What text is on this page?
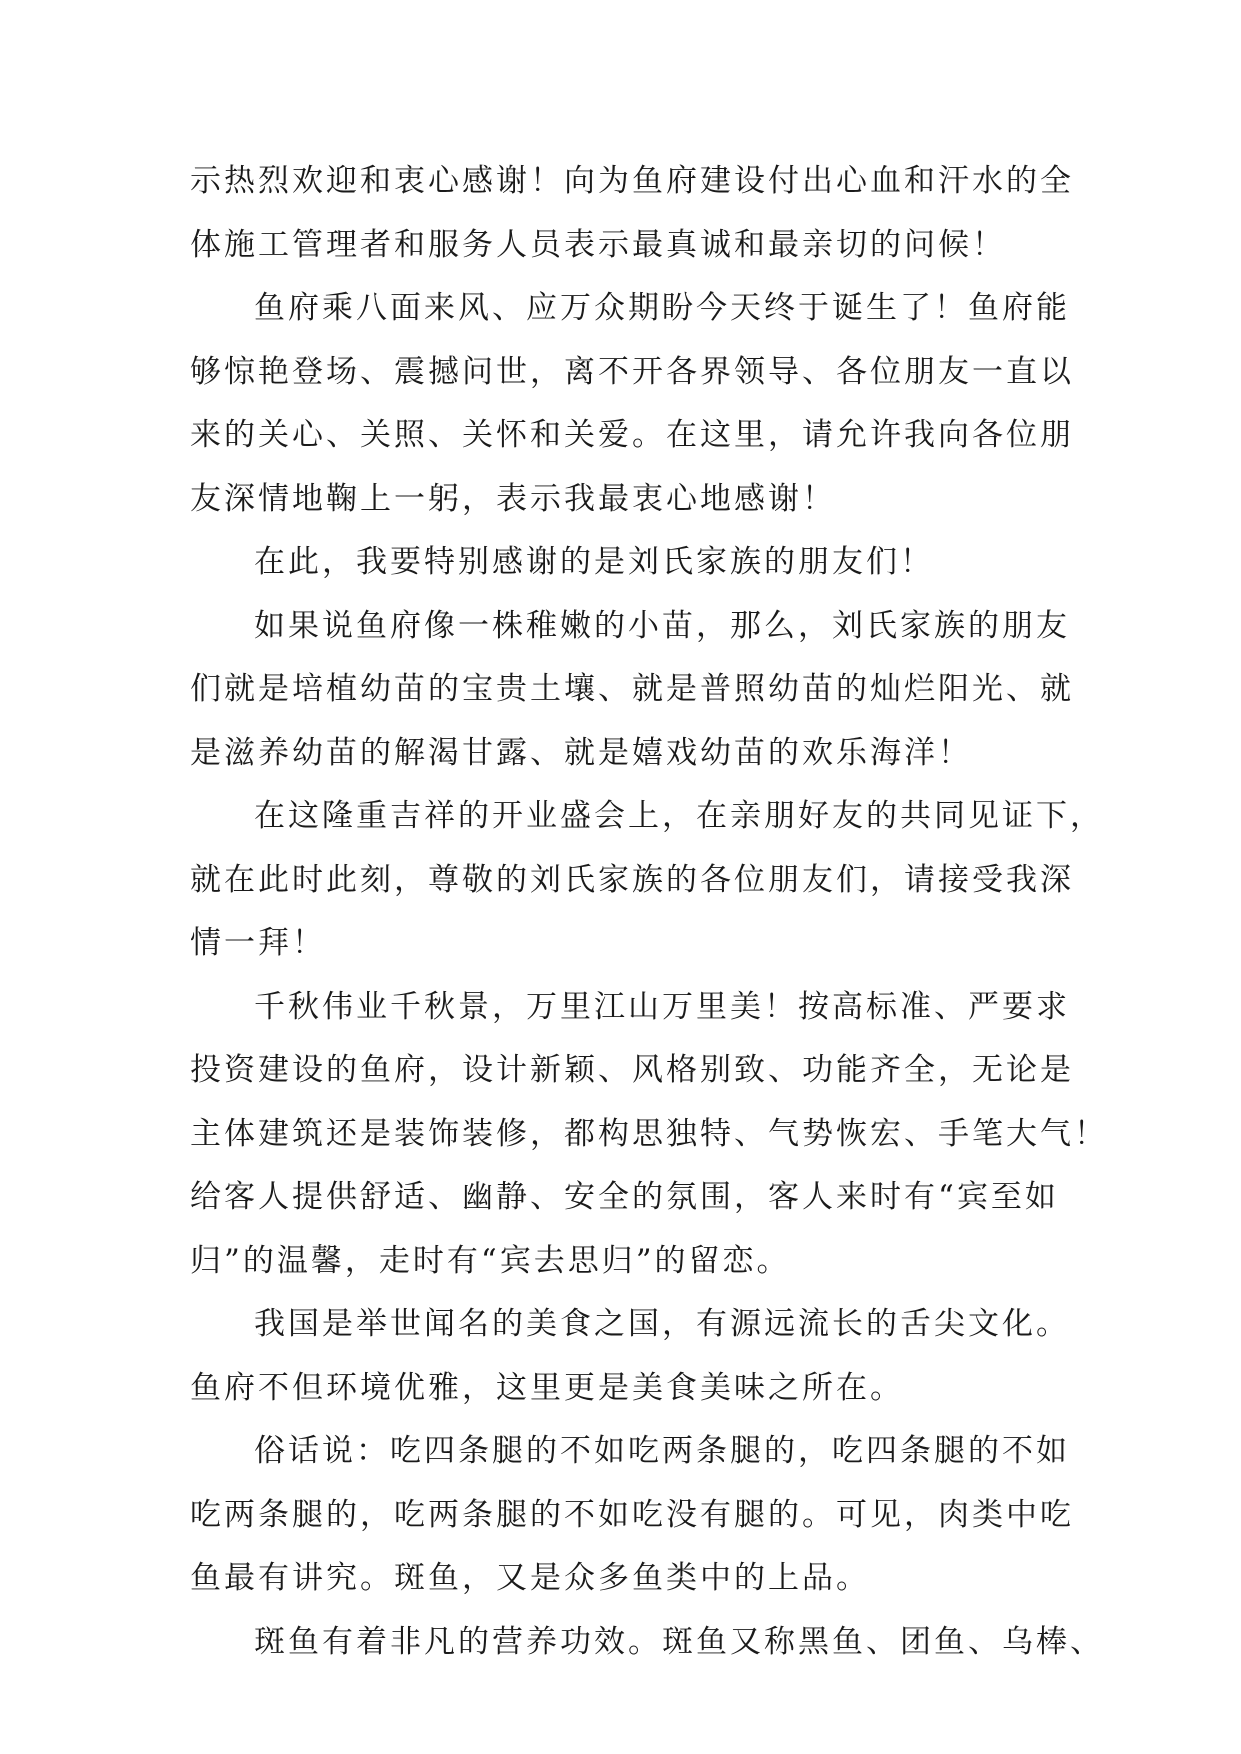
示热烈欢迎和衷心感谢！向为鱼府建设付出心血和汗水的全
体施工管理者和服务人员表示最真诚和最亲切的问候！
鱼府乘八面来风、应万众期盼今天终于诞生了！鱼府能
够惊艳登场、震撼问世，离不开各界领导、各位朋友一直以
来的关心、关照、关怀和关爱。在这里，请允许我向各位朋
友深情地鞠上一躬，表示我最衷心地感谢！
在此，我要特别感谢的是刘氏家族的朋友们！
如果说鱼府像一株稚嫩的小苗，那么，刘氏家族的朋友
们就是培植幼苗的宝贵土壤、就是普照幼苗的灿烂阳光、就
是滋养幼苗的解渴甘露、就是嬉戏幼苗的欢乐海洋！
在这隆重吉祥的开业盛会上，在亲朋好友的共同见证下，
就在此时此刻，尊敬的刘氏家族的各位朋友们，请接受我深
情一拜！
千秋伟业千秋景，万里江山万里美！按高标准、严要求
投资建设的鱼府，设计新颖、风格别致、功能齐全，无论是
主体建筑还是装饰装修，都构思独特、气势恢宏、手笔大气！
给客人提供舒适、幽静、安全的氛围，客人来时有“宾至如
归”的温馨，走时有“宾去思归”的留恋。
我国是举世闻名的美食之国，有源远流长的舌尖文化。
鱼府不但环境优雅，这里更是美食美味之所在。
俗话说：吃四条腿的不如吃两条腿的，吃四条腿的不如
吃两条腿的，吃两条腿的不如吃没有腿的。可见，肉类中吃
鱼最有讲究。斑鱼，又是众多鱼类中的上品。
斑鱼有着非凡的营养功效。斑鱼又称黑鱼、团鱼、乌棒、
